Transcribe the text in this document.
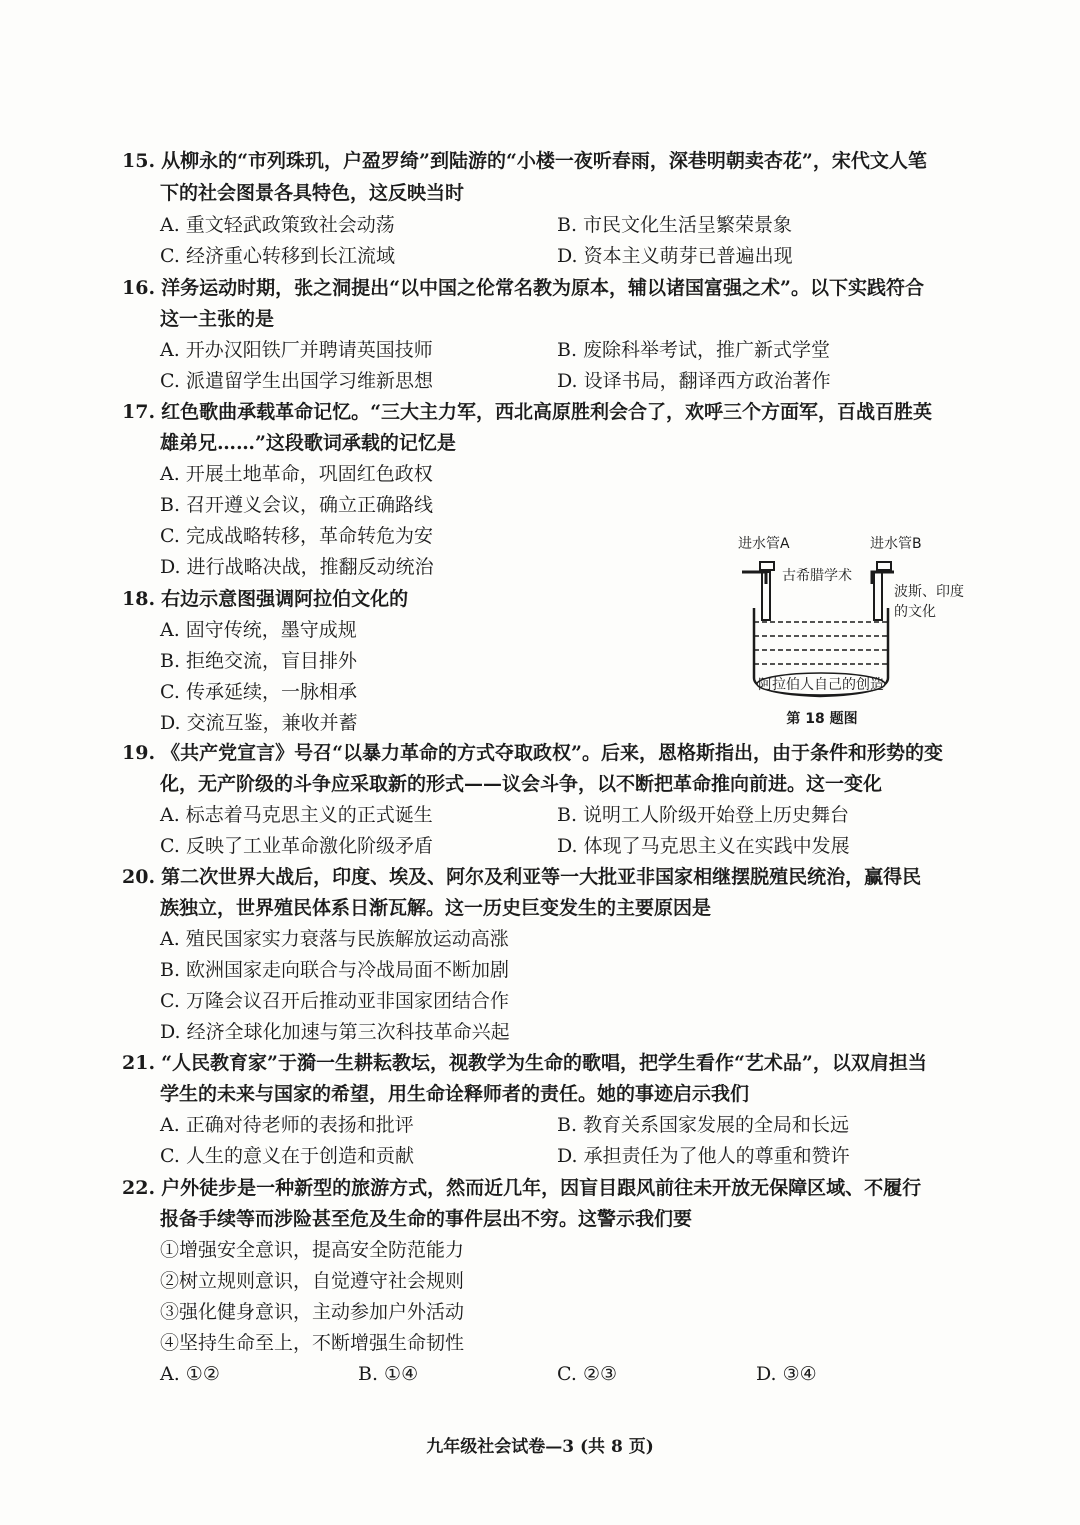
15. 从柳永的“市列珠玑，户盈罗绮”到陆游的“小楼一夜听春雨，深巷明朝卖杏花”，宋代文人笔
下的社会图景各具特色，这反映当时
A. 重文轻武政策致社会动荡	B. 市民文化生活呈繁荣景象
C. 经济重心转移到长江流域	D. 资本主义萌芽已普遍出现
16. 洋务运动时期，张之洞提出“以中国之伦常名教为原本，辅以诸国富强之术”。以下实践符合
这一主张的是
A. 开办汉阳铁厂并聘请英国技师	B. 废除科举考试，推广新式学堂
C. 派遣留学生出国学习维新思想	D. 设译书局，翻译西方政治著作
17. 红色歌曲承载革命记忆。“三大主力军，西北高原胜利会合了，欢呼三个方面军，百战百胜英
雄弟兄……”这段歌词承载的记忆是
A. 开展土地革命，巩固红色政权
B. 召开遵义会议，确立正确路线
C. 完成战略转移，革命转危为安
D. 进行战略决战，推翻反动统治
18. 右边示意图强调阿拉伯文化的
A. 固守传统，墨守成规
B. 拒绝交流，盲目排外
C. 传承延续，一脉相承
D. 交流互鉴，兼收并蓄
进水管A	进水管B
古希腊学术
波斯、印度
的文化
阿拉伯人自己的创造
第 18 题图
19. 《共产党宣言》号召“以暴力革命的方式夺取政权”。后来，恩格斯指出，由于条件和形势的变
化，无产阶级的斗争应采取新的形式——议会斗争，以不断把革命推向前进。这一变化
A. 标志着马克思主义的正式诞生	B. 说明工人阶级开始登上历史舞台
C. 反映了工业革命激化阶级矛盾	D. 体现了马克思主义在实践中发展
20. 第二次世界大战后，印度、埃及、阿尔及利亚等一大批亚非国家相继摆脱殖民统治，赢得民
族独立，世界殖民体系日渐瓦解。这一历史巨变发生的主要原因是
A. 殖民国家实力衰落与民族解放运动高涨
B. 欧洲国家走向联合与冷战局面不断加剧
C. 万隆会议召开后推动亚非国家团结合作
D. 经济全球化加速与第三次科技革命兴起
21. “人民教育家”于漪一生耕耘教坛，视教学为生命的歌唱，把学生看作“艺术品”，以双肩担当
学生的未来与国家的希望，用生命诠释师者的责任。她的事迹启示我们
A. 正确对待老师的表扬和批评	B. 教育关系国家发展的全局和长远
C. 人生的意义在于创造和贡献	D. 承担责任为了他人的尊重和赞许
22. 户外徒步是一种新型的旅游方式，然而近几年，因盲目跟风前往未开放无保障区域、不履行
报备手续等而涉险甚至危及生命的事件层出不穷。这警示我们要
①增强安全意识，提高安全防范能力
②树立规则意识，自觉遵守社会规则
③强化健身意识，主动参加户外活动
④坚持生命至上，不断增强生命韧性
A. ①②	B. ①④	C. ②③	D. ③④
九年级社会试卷—3 (共 8 页)
